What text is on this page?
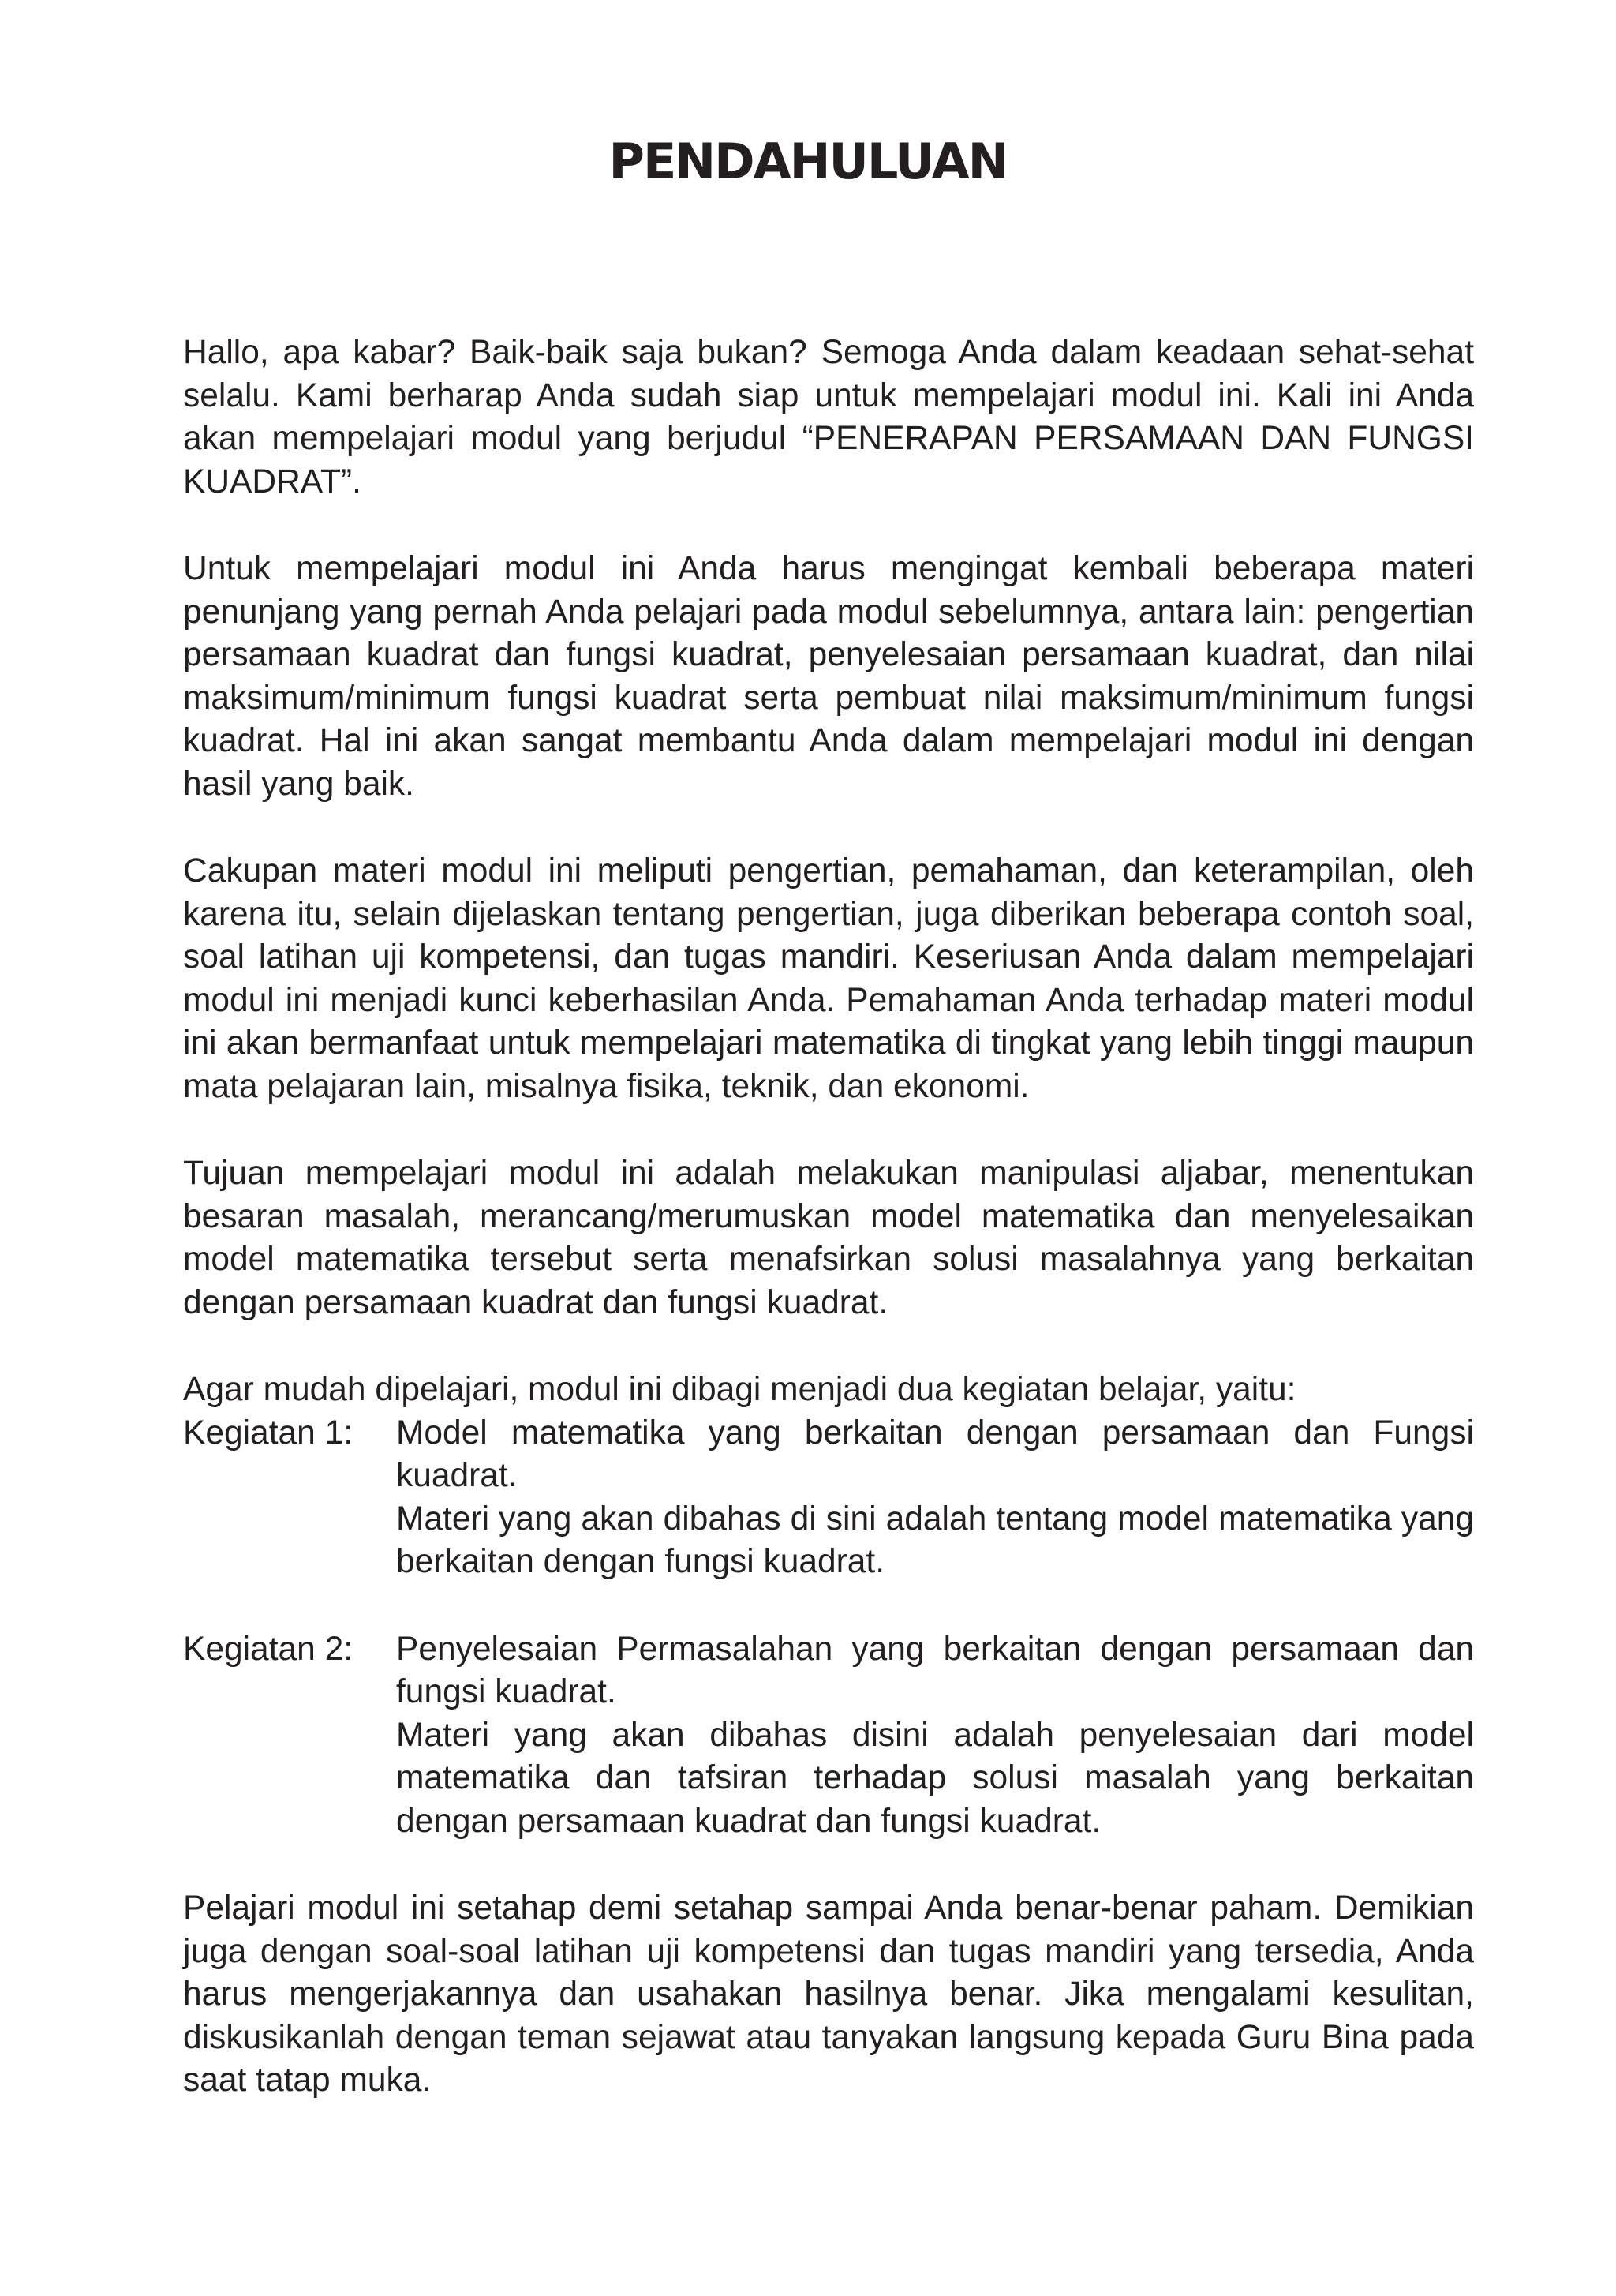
PENDAHULUAN

Hallo, apa kabar? Baik-baik saja bukan? Semoga Anda dalam keadaan sehat-sehat selalu. Kami berharap Anda sudah siap untuk mempelajari modul ini. Kali ini Anda akan mempelajari modul yang berjudul “PENERAPAN PERSAMAAN DAN FUNGSI KUADRAT”.

Untuk mempelajari modul ini Anda harus mengingat kembali beberapa materi penunjang yang pernah Anda pelajari pada modul sebelumnya, antara lain: pengertian persamaan kuadrat dan fungsi kuadrat, penyelesaian persamaan kuadrat, dan nilai maksimum/minimum fungsi kuadrat serta pembuat nilai maksimum/minimum fungsi kuadrat. Hal ini akan sangat membantu Anda dalam mempelajari modul ini dengan hasil yang baik.

Cakupan materi modul ini meliputi pengertian, pemahaman, dan keterampilan, oleh karena itu, selain dijelaskan tentang pengertian, juga diberikan beberapa contoh soal, soal latihan uji kompetensi, dan tugas mandiri. Keseriusan Anda dalam mempelajari modul ini menjadi kunci keberhasilan Anda. Pemahaman Anda terhadap materi modul ini akan bermanfaat untuk mempelajari matematika di tingkat yang lebih tinggi maupun mata pelajaran lain, misalnya fisika, teknik, dan ekonomi.

Tujuan mempelajari modul ini adalah melakukan manipulasi aljabar, menentukan besaran masalah, merancang/merumuskan model matematika dan menyelesaikan model matematika tersebut serta menafsirkan solusi masalahnya yang berkaitan dengan persamaan kuadrat dan fungsi kuadrat.

Agar mudah dipelajari, modul ini dibagi menjadi dua kegiatan belajar, yaitu:

Kegiatan 1:	Model matematika yang berkaitan dengan persamaan dan Fungsi kuadrat.

Materi yang akan dibahas di sini adalah tentang model matematika yang berkaitan dengan fungsi kuadrat.

Kegiatan 2:	Penyelesaian Permasalahan yang berkaitan dengan persamaan dan fungsi kuadrat.

Materi yang akan dibahas disini adalah penyelesaian dari model matematika dan tafsiran terhadap solusi masalah yang berkaitan dengan persamaan kuadrat dan fungsi kuadrat.

Pelajari modul ini setahap demi setahap sampai Anda benar-benar paham. Demikian juga dengan soal-soal latihan uji kompetensi dan tugas mandiri yang tersedia, Anda harus mengerjakannya dan usahakan hasilnya benar. Jika mengalami kesulitan, diskusikanlah dengan teman sejawat atau tanyakan langsung kepada Guru Bina pada saat tatap muka.
